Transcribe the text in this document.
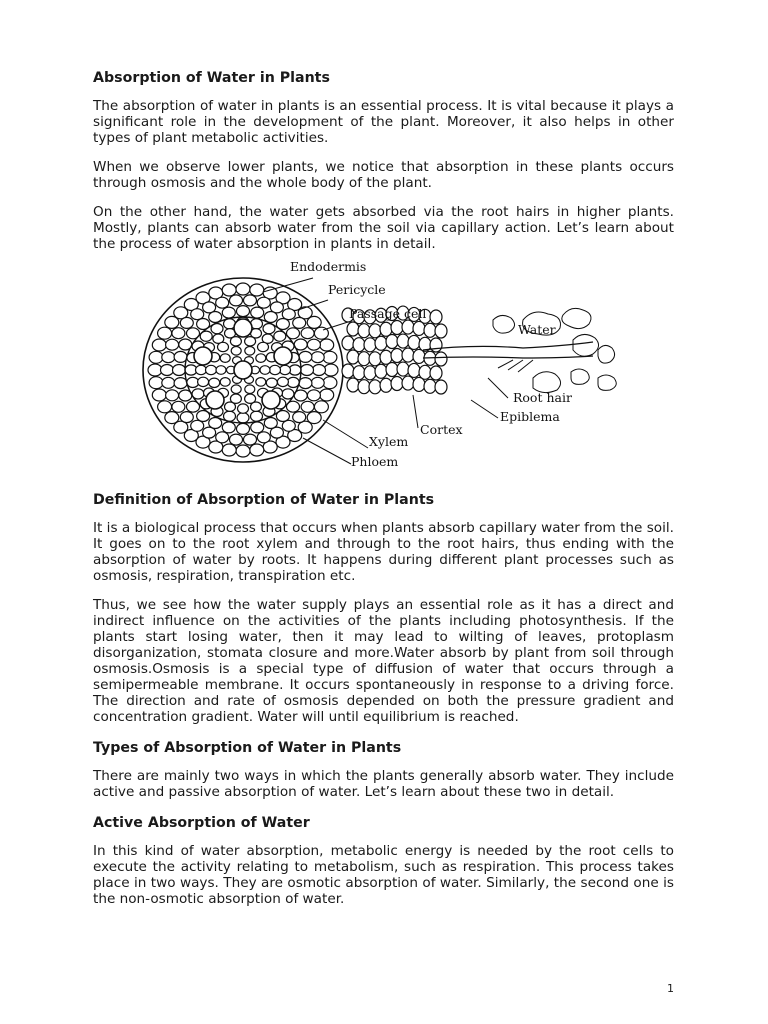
Absorption of Water in Plants

The absorption of water in plants is an essential process. It is vital because it plays a significant role in the development of the plant. Moreover, it also helps in other types of plant metabolic activities.

When we observe lower plants, we notice that absorption in these plants occurs through osmosis and the whole body of the plant.

On the other hand, the water gets absorbed via the root hairs in higher plants. Mostly, plants can absorb water from the soil via capillary action. Let’s learn about the process of water absorption in plants in detail.

Endodermis
Pericycle
Passage cell
Water
Root hair
Epiblema
Cortex
Xylem
Phloem
Definition of Absorption of Water in Plants

It is a biological process that occurs when plants absorb capillary water from the soil. It goes on to the root xylem and through to the root hairs, thus ending with the absorption of water by roots. It happens during different plant processes such as osmosis, respiration, transpiration etc.

Thus, we see how the water supply plays an essential role as it has a direct and indirect influence on the activities of the plants including photosynthesis. If the plants start losing water, then it may lead to wilting of leaves, protoplasm disorganization, stomata closure and more.Water absorb by plant from soil through osmosis.Osmosis is a special type of diffusion of water that occurs through a semipermeable membrane. It occurs spontaneously in response to a driving force. The direction and rate of osmosis depended on both the pressure gradient and concentration gradient. Water will until equilibrium is reached.

Types of Absorption of Water in Plants

There are mainly two ways in which the plants generally absorb water. They include active and passive absorption of water. Let’s learn about these two in detail.

Active Absorption of Water

In this kind of water absorption, metabolic energy is needed by the root cells to execute the activity relating to metabolism, such as respiration. This process takes place in two ways. They are osmotic absorption of water. Similarly, the second one is the non-osmotic absorption of water.

1
